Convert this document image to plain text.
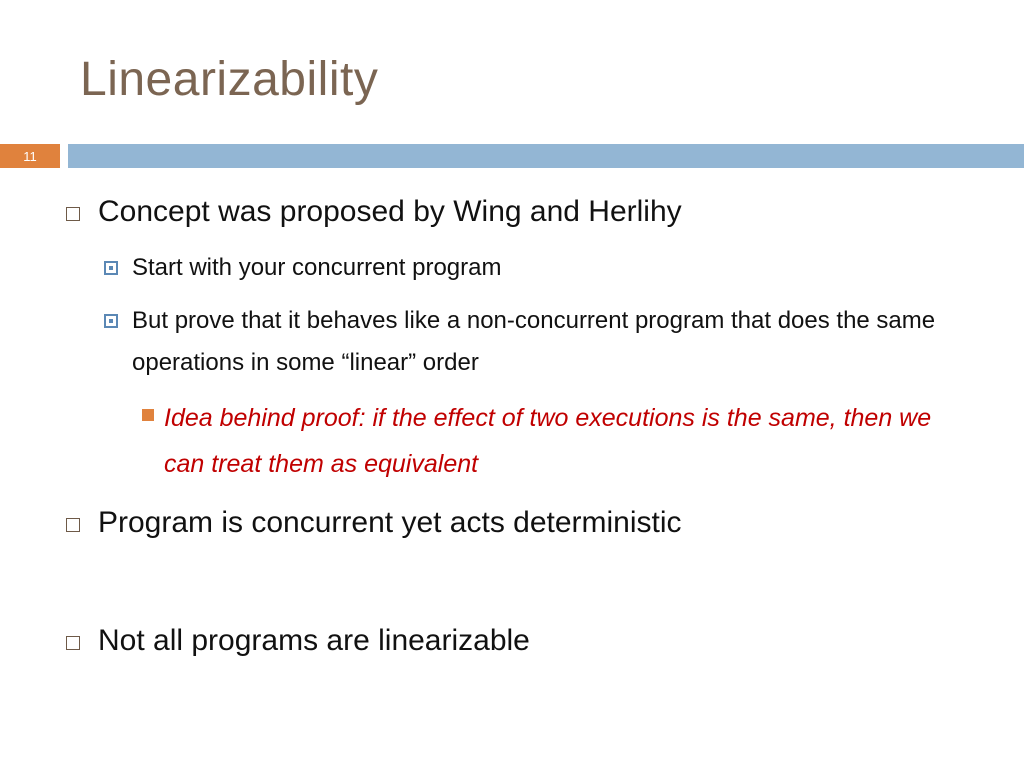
Linearizability
11
Concept was proposed by Wing and Herlihy
Start with your concurrent program
But prove that it behaves like a non-concurrent program that does the same operations in some “linear” order
Idea behind proof: if the effect of two executions is the same, then we can treat them as equivalent
Program is concurrent yet acts deterministic
Not all programs are linearizable
